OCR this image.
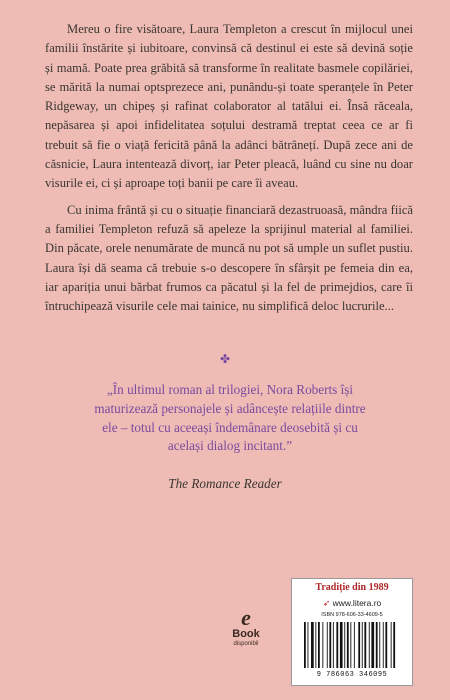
Mereu o fire visătoare, Laura Templeton a crescut în mijlocul unei familii înstărite și iubitoare, convinsă că destinul ei este să devină soție și mamă. Poate prea grăbită să transforme în realitate basmele copilăriei, se mărită la numai optsprezece ani, punându-și toate speranțele în Peter Ridgeway, un chipeș și rafinat colaborator al tatălui ei. Însă răceala, nepăsarea și apoi infidelitatea soțului destramă treptat ceea ce ar fi trebuit să fie o viață fericită până la adânci bătrânețí. După zece ani de căsnicie, Laura intentează divorț, iar Peter pleacă, luând cu sine nu doar visurile ei, ci și aproape toți banii pe care îi aveau.

Cu inima frântă și cu o situație financiară dezastruoasă, mândra fiică a familiei Templeton refuză să apeleze la sprijinul material al familiei. Din păcate, orele nenumărate de muncă nu pot să umple un suflet pustiu. Laura își dă seama că trebuie s-o descopere în sfârșit pe femeia din ea, iar apariția unui bărbat frumos ca păcatul și la fel de primejdios, care îi întruchipează visurile cele mai tainice, nu simplifică deloc lucrurile...

✤
„În ultimul roman al trilogiei, Nora Roberts își maturizează personajele și adâncește relațiile dintre ele – totul cu aceeași îndemânare deosebită și cu același dialog incitant.”
The Romance Reader
e
Book
disponibil
Tradiție din 1989
➶ www.litera.ro
ISBN 978-606-33-4609-5
9 786063 346095
